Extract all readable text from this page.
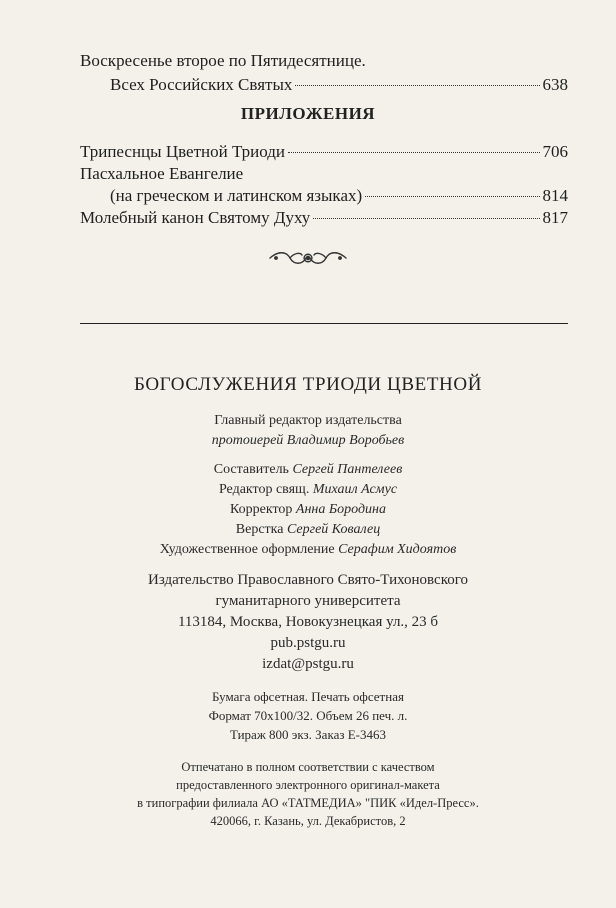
Воскресенье второе по Пятидесятнице.
Всех Российских Святых	638
ПРИЛОЖЕНИЯ
Трипеснцы Цветной Триоди	706
Пасхальное Евангелие
(на греческом и латинском языках)	814
Молебный канон Святому Духу	817
БОГОСЛУЖЕНИЯ ТРИОДИ ЦВЕТНОЙ
Главный редактор издательства
протоиерей Владимир Воробьев
Составитель Сергей Пантелеев
Редактор свящ. Михаил Асмус
Корректор Анна Бородина
Верстка Сергей Ковалец
Художественное оформление Серафим Хидоятов
Издательство Православного Свято-Тихоновского
гуманитарного университета
113184, Москва, Новокузнецкая ул., 23 б
pub.pstgu.ru
izdat@pstgu.ru
Бумага офсетная. Печать офсетная
Формат 70х100/32. Объем 26 печ. л.
Тираж 800 экз. Заказ Е-3463
Отпечатано в полном соответствии с качеством
предоставленного электронного оригинал-макета
в типографии филиала АО «ТАТМЕДИА» "ПИК «Идел-Пресс».
420066, г. Казань, ул. Декабристов, 2
